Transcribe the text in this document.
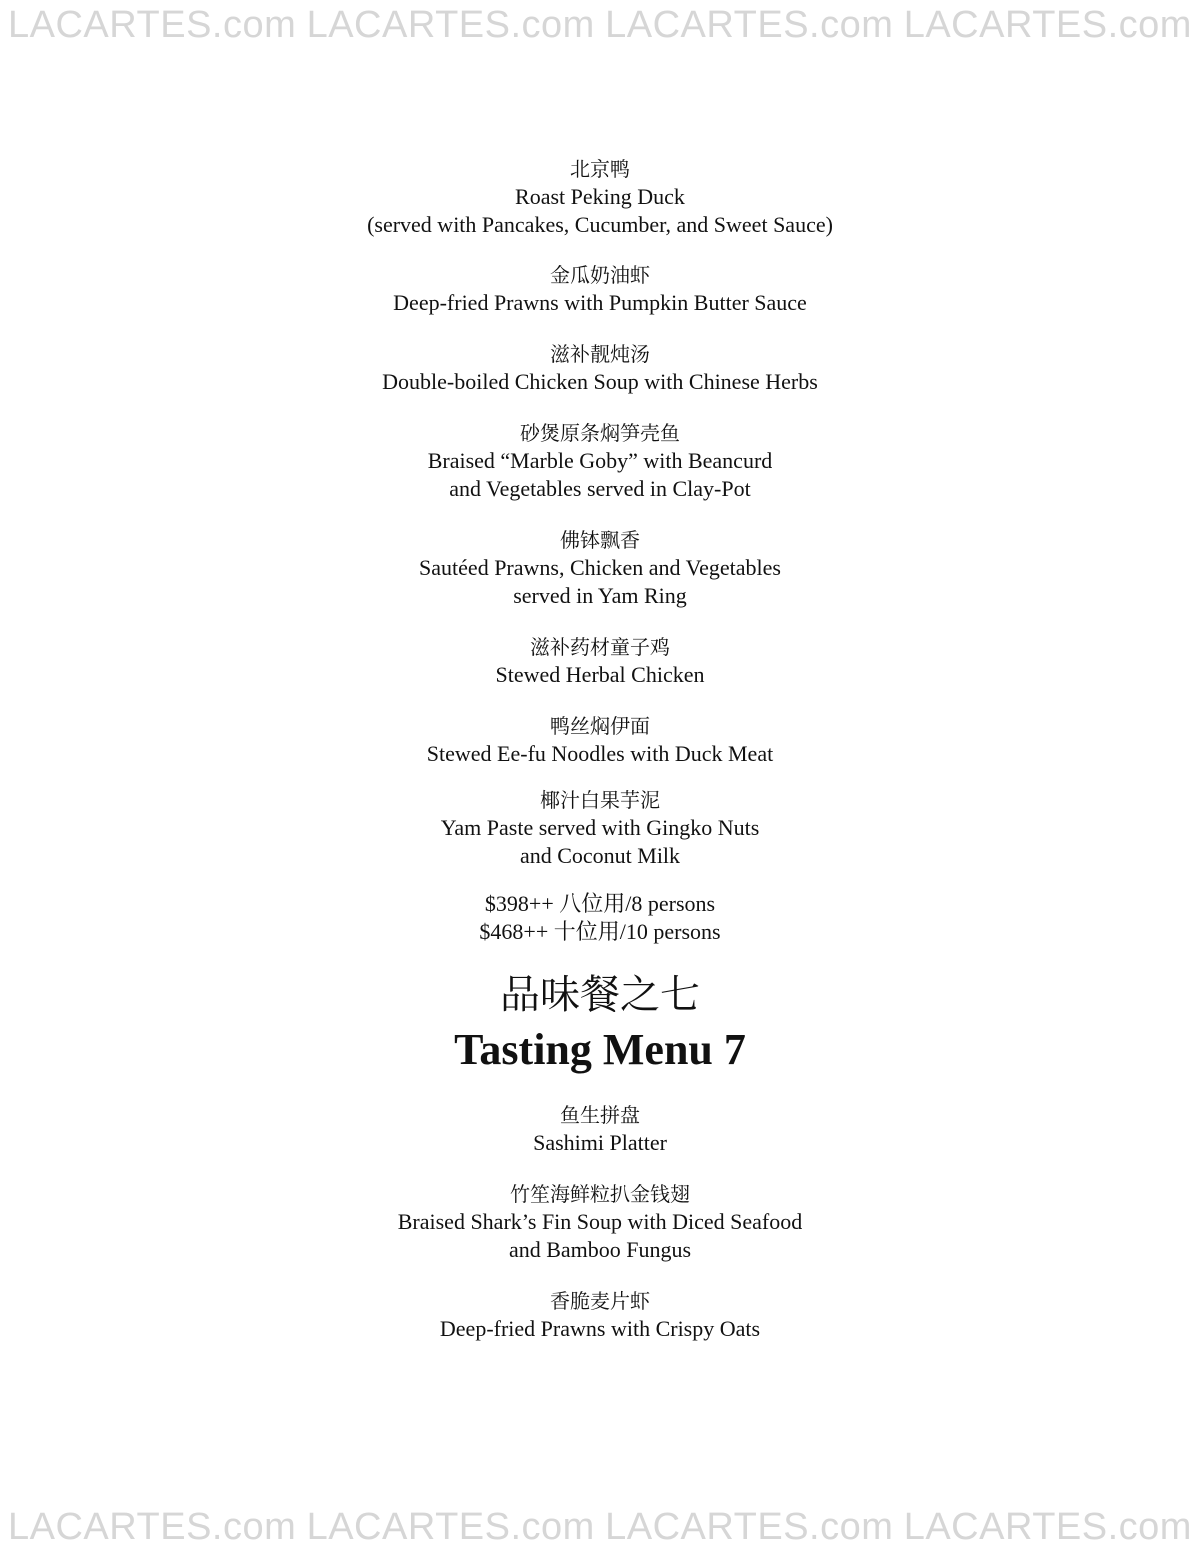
LACARTES.com LACARTES.com LACARTES.com LACARTES.com
北京鸭
Roast Peking Duck
(served with Pancakes, Cucumber, and Sweet Sauce)
金瓜奶油虾
Deep-fried Prawns with Pumpkin Butter Sauce
滋补靓炖汤
Double-boiled Chicken Soup with Chinese Herbs
砂煲原条焖笋壳鱼
Braised “Marble Goby” with Beancurd
and Vegetables served in Clay-Pot
佛钵飘香
Sautéed Prawns, Chicken and Vegetables
served in Yam Ring
滋补药材童子鸡
Stewed Herbal Chicken
鸭丝焖伊面
Stewed Ee-fu Noodles with Duck Meat
椰汁白果芋泥
Yam Paste served with Gingko Nuts
and Coconut Milk
$398++ 八位用/8 persons
$468++ 十位用/10 persons
品味餐之七
Tasting Menu 7
鱼生拼盘
Sashimi Platter
竹笙海鲜粒扒金钱翅
Braised Shark’s Fin Soup with Diced Seafood
and Bamboo Fungus
香脆麦片虾
Deep-fried Prawns with Crispy Oats
LACARTES.com LACARTES.com LACARTES.com LACARTES.com
